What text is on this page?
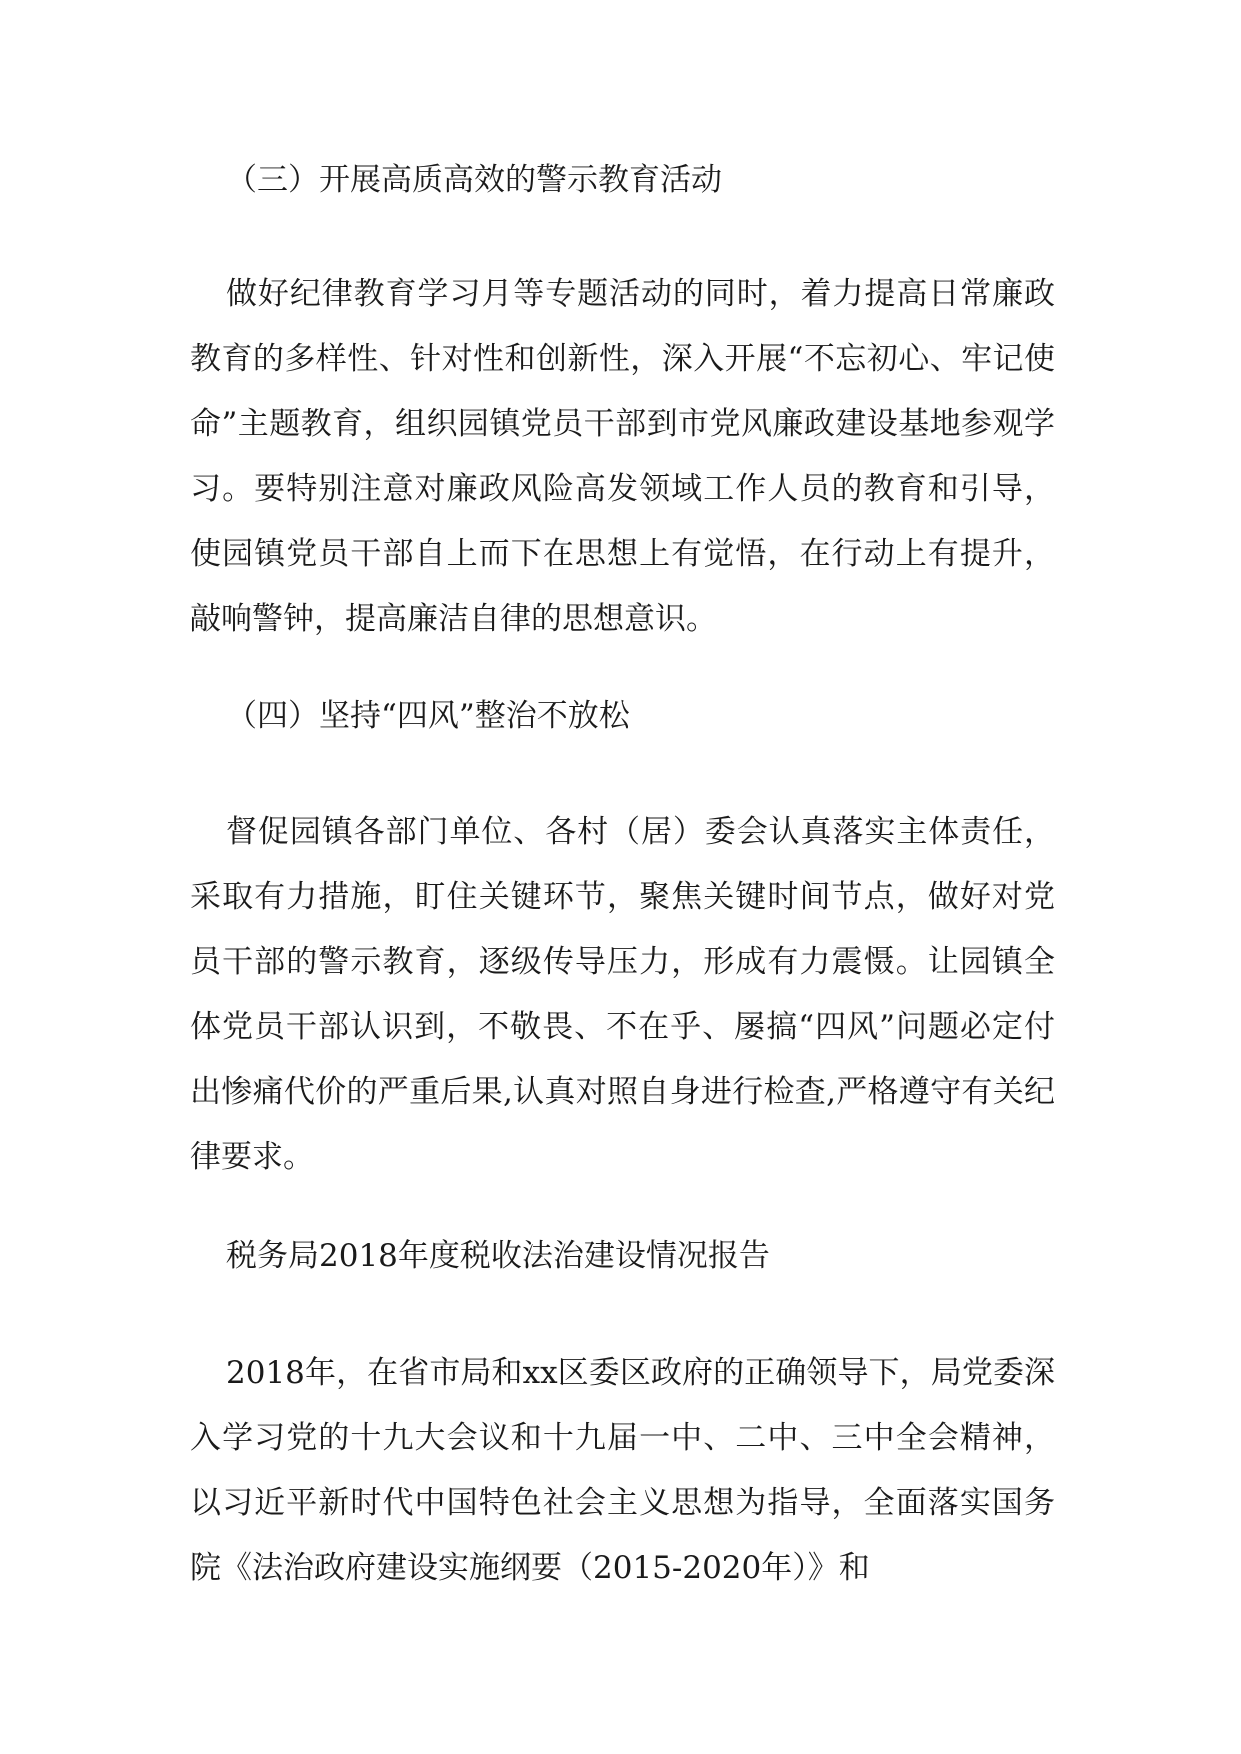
（三）开展高质高效的警示教育活动

做好纪律教育学习月等专题活动的同时，着力提高日常廉政教育的多样性、针对性和创新性，深入开展“不忘初心、牢记使命”主题教育，组织园镇党员干部到市党风廉政建设基地参观学习。要特别注意对廉政风险高发领域工作人员的教育和引导，使园镇党员干部自上而下在思想上有觉悟，在行动上有提升，敲响警钟，提高廉洁自律的思想意识。

（四）坚持“四风”整治不放松

督促园镇各部门单位、各村（居）委会认真落实主体责任，采取有力措施，盯住关键环节，聚焦关键时间节点，做好对党员干部的警示教育，逐级传导压力，形成有力震慑。让园镇全体党员干部认识到，不敬畏、不在乎、屡搞“四风”问题必定付出惨痛代价的严重后果,认真对照自身进行检查,严格遵守有关纪律要求。

税务局2018年度税收法治建设情况报告

2018年，在省市局和xx区委区政府的正确领导下，局党委深入学习党的十九大会议和十九届一中、二中、三中全会精神，以习近平新时代中国特色社会主义思想为指导，全面落实国务院《法治政府建设实施纲要（2015-2020年）》和
